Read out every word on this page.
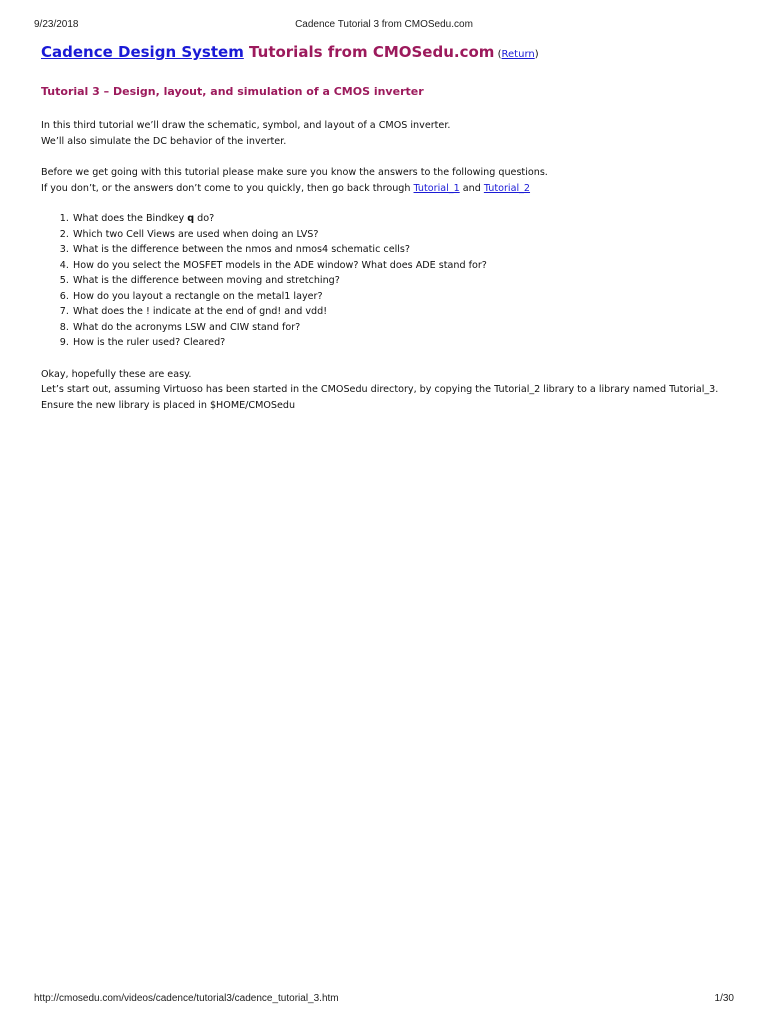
9/23/2018	Cadence Tutorial 3 from CMOSedu.com
Cadence Design System Tutorials from CMOSedu.com (Return)
Tutorial 3 – Design, layout, and simulation of a CMOS inverter

In this third tutorial we’ll draw the schematic, symbol, and layout of a CMOS inverter.
We’ll also simulate the DC behavior of the inverter.

Before we get going with this tutorial please make sure you know the answers to the following questions.
If you don’t, or the answers don’t come to you quickly, then go back through Tutorial_1 and Tutorial_2

1. What does the Bindkey q do?
2. Which two Cell Views are used when doing an LVS?
3. What is the difference between the nmos and nmos4 schematic cells?
4. How do you select the MOSFET models in the ADE window? What does ADE stand for?
5. What is the difference between moving and stretching?
6. How do you layout a rectangle on the metal1 layer?
7. What does the ! indicate at the end of gnd! and vdd!
8. What do the acronyms LSW and CIW stand for?
9. How is the ruler used? Cleared?

Okay, hopefully these are easy.
Let’s start out, assuming Virtuoso has been started in the CMOSedu directory, by copying the Tutorial_2 library to a library named Tutorial_3.
Ensure the new library is placed in $HOME/CMOSedu

http://cmosedu.com/videos/cadence/tutorial3/cadence_tutorial_3.htm	1/30
